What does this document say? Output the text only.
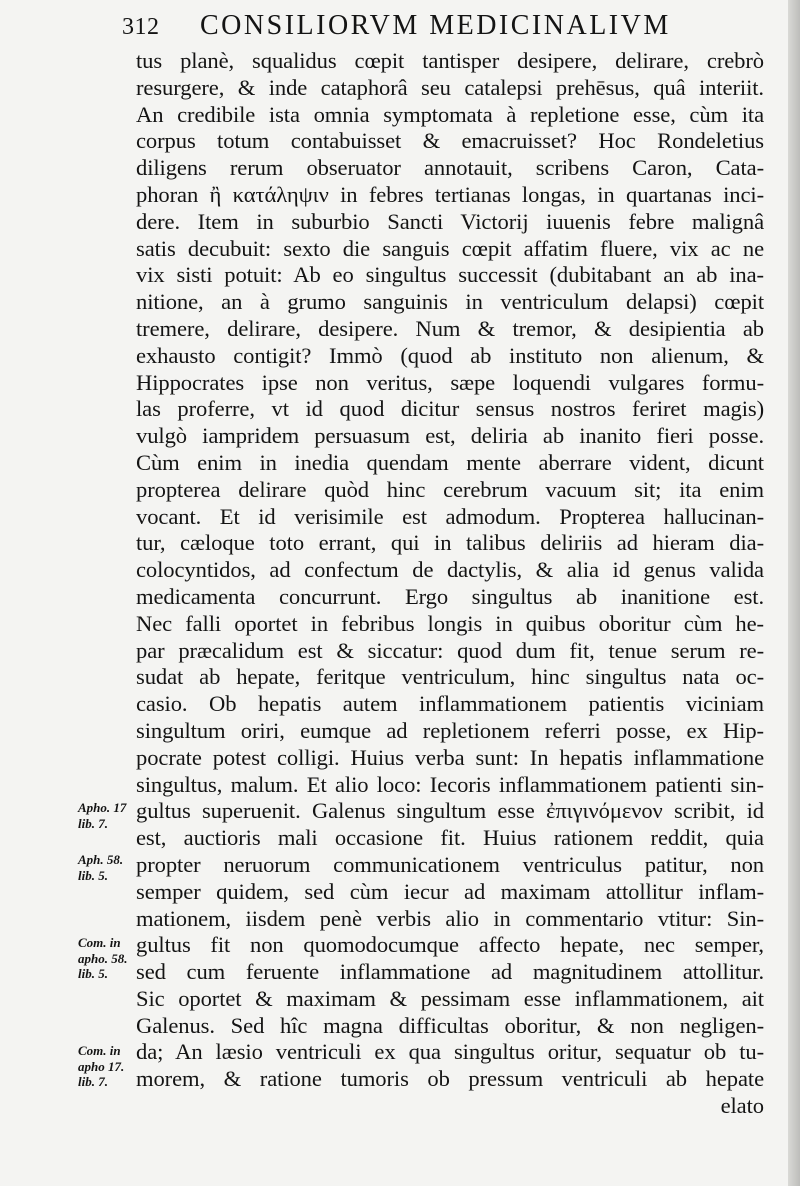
312 CONSILIORVM MEDICINALIVM
tus planè, squalidus cœpit tantisper desipere, delirare, crebrò
resurgere, & inde cataphorâ seu catalepsi prehēsus, quâ interiit.
An credibile ista omnia symptomata à repletione esse, cùm ita
corpus totum contabuisset & emacruisset? Hoc Rondeletius
diligens rerum obseruator annotauit, scribens Caron, Cata-
phoran ἢ κατάληψιν in febres tertianas longas, in quartanas inci-
dere. Item in suburbio Sancti Victorij iuuenis febre malignâ
satis decubuit: sexto die sanguis cœpit affatim fluere, vix ac ne
vix sisti potuit: Ab eo singultus successit (dubitabant an ab ina-
nitione, an à grumo sanguinis in ventriculum delapsi) cœpit
tremere, delirare, desipere. Num & tremor, & desipientia ab
exhausto contigit? Immò (quod ab instituto non alienum, &
Hippocrates ipse non veritus, sæpe loquendi vulgares formu-
las proferre, vt id quod dicitur sensus nostros feriret magis)
vulgò iampridem persuasum est, deliria ab inanito fieri posse.
Cùm enim in inedia quendam mente aberrare vident, dicunt
propterea delirare quòd hinc cerebrum vacuum sit; ita enim
vocant. Et id verisimile est admodum. Propterea hallucinan-
tur, cæloque toto errant, qui in talibus deliriis ad hieram dia-
colocyntidos, ad confectum de dactylis, & alia id genus valida
medicamenta concurrunt. Ergo singultus ab inanitione est.
Nec falli oportet in febribus longis in quibus oboritur cùm he-
par præcalidum est & siccatur: quod dum fit, tenue serum re-
sudat ab hepate, feritque ventriculum, hinc singultus nata oc-
casio. Ob hepatis autem inflammationem patientis viciniam
singultum oriri, eumque ad repletionem referri posse, ex Hip-
pocrate potest colligi. Huius verba sunt: In hepatis inflammatione
singultus, malum. Et alio loco: Iecoris inflammationem patienti sin-
gultus superuenit. Galenus singultum esse ἐπιγινόμενον scribit, id
est, auctioris mali occasione fit. Huius rationem reddit, quia
propter neruorum communicationem ventriculus patitur, non
semper quidem, sed cùm iecur ad maximam attollitur inflam-
mationem, iisdem penè verbis alio in commentario vtitur: Sin-
gultus fit non quomodocumque affecto hepate, nec semper,
sed cum feruente inflammatione ad magnitudinem attollitur.
Sic oportet & maximam & pessimam esse inflammationem, ait
Galenus. Sed hîc magna difficultas oboritur, & non negligen-
da; An læsio ventriculi ex qua singultus oritur, sequatur ob tu-
morem, & ratione tumoris ob pressum ventriculi ab hepate
elato
Apho. 17
lib. 7.
Aph. 58.
lib. 5.
Com. in
apho. 58.
lib. 5.
Com. in
apho 17.
lib. 7.
